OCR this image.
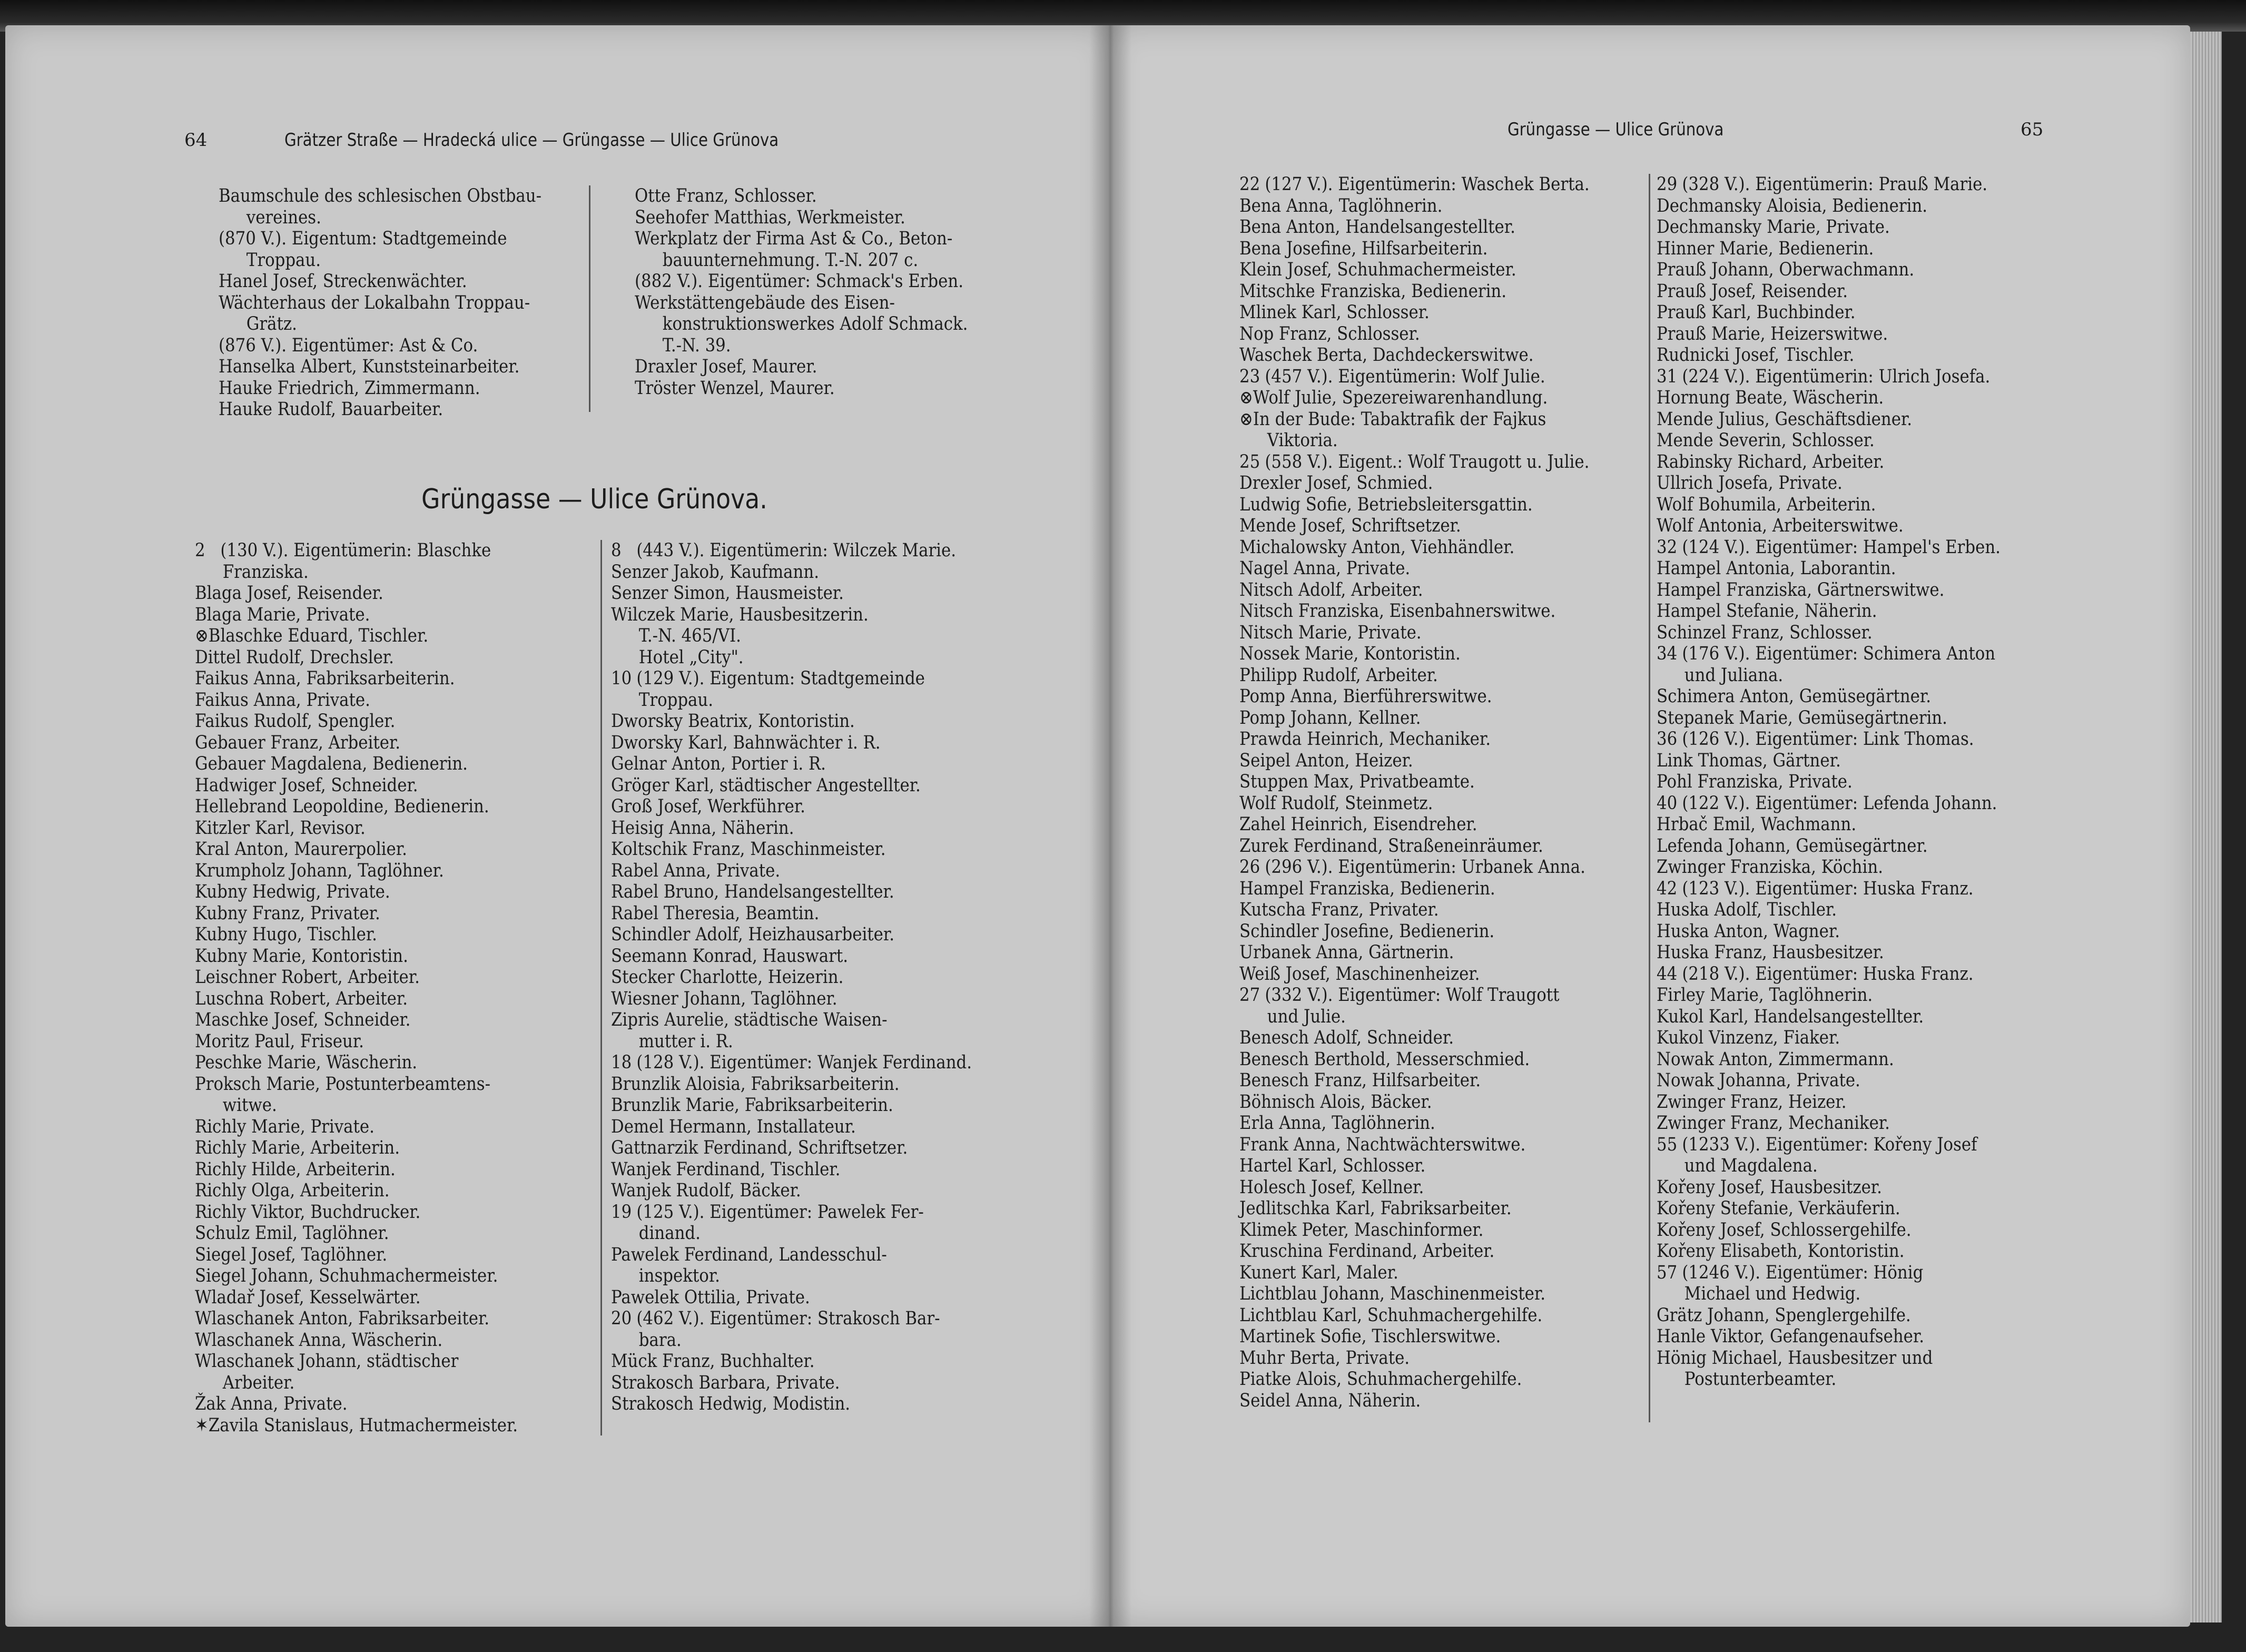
64	Grätzer Straße — Hradecká ulice — Grüngasse — Ulice Grünova
Baumschule des schlesischen Obstbau-
vereines.
(870 V.). Eigentum: Stadtgemeinde
Troppau.
Hanel Josef, Streckenwächter.
Wächterhaus der Lokalbahn Troppau-
Grätz.
(876 V.). Eigentümer: Ast & Co.
Hanselka Albert, Kunststeinarbeiter.
Hauke Friedrich, Zimmermann.
Hauke Rudolf, Bauarbeiter.
Otte Franz, Schlosser.
Seehofer Matthias, Werkmeister.
Werkplatz der Firma Ast & Co., Beton-
bauunternehmung. T.-N. 207 c.
(882 V.). Eigentümer: Schmack's Erben.
Werkstättengebäude des Eisen-
konstruktionswerkes Adolf Schmack.
T.-N. 39.
Draxler Josef, Maurer.
Tröster Wenzel, Maurer.
Grüngasse — Ulice Grünova.
2 (130 V.). Eigentümerin: Blaschke
Franziska.
Blaga Josef, Reisender.
Blaga Marie, Private.
⊗Blaschke Eduard, Tischler.
Dittel Rudolf, Drechsler.
Faikus Anna, Fabriksarbeiterin.
Faikus Anna, Private.
Faikus Rudolf, Spengler.
Gebauer Franz, Arbeiter.
Gebauer Magdalena, Bedienerin.
Hadwiger Josef, Schneider.
Hellebrand Leopoldine, Bedienerin.
Kitzler Karl, Revisor.
Kral Anton, Maurerpolier.
Krumpholz Johann, Taglöhner.
Kubny Hedwig, Private.
Kubny Franz, Privater.
Kubny Hugo, Tischler.
Kubny Marie, Kontoristin.
Leischner Robert, Arbeiter.
Luschna Robert, Arbeiter.
Maschke Josef, Schneider.
Moritz Paul, Friseur.
Peschke Marie, Wäscherin.
Proksch Marie, Postunterbeamtens-
witwe.
Richly Marie, Private.
Richly Marie, Arbeiterin.
Richly Hilde, Arbeiterin.
Richly Olga, Arbeiterin.
Richly Viktor, Buchdrucker.
Schulz Emil, Taglöhner.
Siegel Josef, Taglöhner.
Siegel Johann, Schuhmachermeister.
Wladař Josef, Kesselwärter.
Wlaschanek Anton, Fabriksarbeiter.
Wlaschanek Anna, Wäscherin.
Wlaschanek Johann, städtischer
Arbeiter.
Žak Anna, Private.
✶Zavila Stanislaus, Hutmachermeister.
8 (443 V.). Eigentümerin: Wilczek Marie.
Senzer Jakob, Kaufmann.
Senzer Simon, Hausmeister.
Wilczek Marie, Hausbesitzerin.
T.-N. 465/VI.
Hotel „City".
10 (129 V.). Eigentum: Stadtgemeinde
Troppau.
Dworsky Beatrix, Kontoristin.
Dworsky Karl, Bahnwächter i. R.
Gelnar Anton, Portier i. R.
Gröger Karl, städtischer Angestellter.
Groß Josef, Werkführer.
Heisig Anna, Näherin.
Koltschik Franz, Maschinmeister.
Rabel Anna, Private.
Rabel Bruno, Handelsangestellter.
Rabel Theresia, Beamtin.
Schindler Adolf, Heizhausarbeiter.
Seemann Konrad, Hauswart.
Stecker Charlotte, Heizerin.
Wiesner Johann, Taglöhner.
Zipris Aurelie, städtische Waisen-
mutter i. R.
18 (128 V.). Eigentümer: Wanjek Ferdinand.
Brunzlik Aloisia, Fabriksarbeiterin.
Brunzlik Marie, Fabriksarbeiterin.
Demel Hermann, Installateur.
Gattnarzik Ferdinand, Schriftsetzer.
Wanjek Ferdinand, Tischler.
Wanjek Rudolf, Bäcker.
19 (125 V.). Eigentümer: Pawelek Fer-
dinand.
Pawelek Ferdinand, Landesschul-
inspektor.
Pawelek Ottilia, Private.
20 (462 V.). Eigentümer: Strakosch Bar-
bara.
Mück Franz, Buchhalter.
Strakosch Barbara, Private.
Strakosch Hedwig, Modistin.
Grüngasse — Ulice Grünova	65
22 (127 V.). Eigentümerin: Waschek Berta.
Bena Anna, Taglöhnerin.
Bena Anton, Handelsangestellter.
Bena Josefine, Hilfsarbeiterin.
Klein Josef, Schuhmachermeister.
Mitschke Franziska, Bedienerin.
Mlinek Karl, Schlosser.
Nop Franz, Schlosser.
Waschek Berta, Dachdeckerswitwe.
23 (457 V.). Eigentümerin: Wolf Julie.
⊗Wolf Julie, Spezereiwarenhandlung.
⊗In der Bude: Tabaktrafik der Fajkus
Viktoria.
25 (558 V.). Eigent.: Wolf Traugott u. Julie.
Drexler Josef, Schmied.
Ludwig Sofie, Betriebsleitersgattin.
Mende Josef, Schriftsetzer.
Michalowsky Anton, Viehhändler.
Nagel Anna, Private.
Nitsch Adolf, Arbeiter.
Nitsch Franziska, Eisenbahnerswitwe.
Nitsch Marie, Private.
Nossek Marie, Kontoristin.
Philipp Rudolf, Arbeiter.
Pomp Anna, Bierführerswitwe.
Pomp Johann, Kellner.
Prawda Heinrich, Mechaniker.
Seipel Anton, Heizer.
Stuppen Max, Privatbeamte.
Wolf Rudolf, Steinmetz.
Zahel Heinrich, Eisendreher.
Zurek Ferdinand, Straßeneinräumer.
26 (296 V.). Eigentümerin: Urbanek Anna.
Hampel Franziska, Bedienerin.
Kutscha Franz, Privater.
Schindler Josefine, Bedienerin.
Urbanek Anna, Gärtnerin.
Weiß Josef, Maschinenheizer.
27 (332 V.). Eigentümer: Wolf Traugott
und Julie.
Benesch Adolf, Schneider.
Benesch Berthold, Messerschmied.
Benesch Franz, Hilfsarbeiter.
Böhnisch Alois, Bäcker.
Erla Anna, Taglöhnerin.
Frank Anna, Nachtwächterswitwe.
Hartel Karl, Schlosser.
Holesch Josef, Kellner.
Jedlitschka Karl, Fabriksarbeiter.
Klimek Peter, Maschinformer.
Kruschina Ferdinand, Arbeiter.
Kunert Karl, Maler.
Lichtblau Johann, Maschinenmeister.
Lichtblau Karl, Schuhmachergehilfe.
Martinek Sofie, Tischlerswitwe.
Muhr Berta, Private.
Piatke Alois, Schuhmachergehilfe.
Seidel Anna, Näherin.
29 (328 V.). Eigentümerin: Prauß Marie.
Dechmansky Aloisia, Bedienerin.
Dechmansky Marie, Private.
Hinner Marie, Bedienerin.
Prauß Johann, Oberwachmann.
Prauß Josef, Reisender.
Prauß Karl, Buchbinder.
Prauß Marie, Heizerswitwe.
Rudnicki Josef, Tischler.
31 (224 V.). Eigentümerin: Ulrich Josefa.
Hornung Beate, Wäscherin.
Mende Julius, Geschäftsdiener.
Mende Severin, Schlosser.
Rabinsky Richard, Arbeiter.
Ullrich Josefa, Private.
Wolf Bohumila, Arbeiterin.
Wolf Antonia, Arbeiterswitwe.
32 (124 V.). Eigentümer: Hampel's Erben.
Hampel Antonia, Laborantin.
Hampel Franziska, Gärtnerswitwe.
Hampel Stefanie, Näherin.
Schinzel Franz, Schlosser.
34 (176 V.). Eigentümer: Schimera Anton
und Juliana.
Schimera Anton, Gemüsegärtner.
Stepanek Marie, Gemüsegärtnerin.
36 (126 V.). Eigentümer: Link Thomas.
Link Thomas, Gärtner.
Pohl Franziska, Private.
40 (122 V.). Eigentümer: Lefenda Johann.
Hrbač Emil, Wachmann.
Lefenda Johann, Gemüsegärtner.
Zwinger Franziska, Köchin.
42 (123 V.). Eigentümer: Huska Franz.
Huska Adolf, Tischler.
Huska Anton, Wagner.
Huska Franz, Hausbesitzer.
44 (218 V.). Eigentümer: Huska Franz.
Firley Marie, Taglöhnerin.
Kukol Karl, Handelsangestellter.
Kukol Vinzenz, Fiaker.
Nowak Anton, Zimmermann.
Nowak Johanna, Private.
Zwinger Franz, Heizer.
Zwinger Franz, Mechaniker.
55 (1233 V.). Eigentümer: Kořeny Josef
und Magdalena.
Kořeny Josef, Hausbesitzer.
Kořeny Stefanie, Verkäuferin.
Kořeny Josef, Schlossergehilfe.
Kořeny Elisabeth, Kontoristin.
57 (1246 V.). Eigentümer: Hönig
Michael und Hedwig.
Grätz Johann, Spenglergehilfe.
Hanle Viktor, Gefangenaufseher.
Hönig Michael, Hausbesitzer und
Postunterbeamter.
